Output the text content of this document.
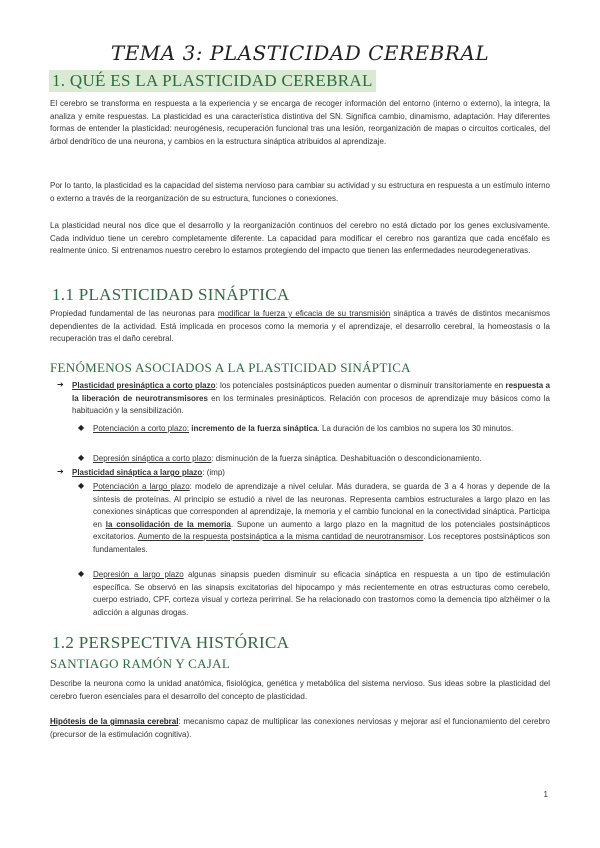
TEMA 3: PLASTICIDAD CEREBRAL
1. QUÉ ES LA PLASTICIDAD CEREBRAL
El cerebro se transforma en respuesta a la experiencia y se encarga de recoger información del entorno (interno o externo), la integra, la analiza y emite respuestas. La plasticidad es una característica distintiva del SN. Significa cambio, dinamismo, adaptación. Hay diferentes formas de entender la plasticidad: neurogénesis, recuperación funcional tras una lesión, reorganización de mapas o circuitos corticales, del árbol dendrítico de una neurona, y cambios en la estructura sináptica atribuidos al aprendizaje.
Por lo tanto, la plasticidad es la capacidad del sistema nervioso para cambiar su actividad y su estructura en respuesta a un estímulo interno o externo a través de la reorganización de su estructura, funciones o conexiones.
La plasticidad neural nos dice que el desarrollo y la reorganización continuos del cerebro no está dictado por los genes exclusivamente. Cada individuo tiene un cerebro completamente diferente. La capacidad para modificar el cerebro nos garantiza que cada encéfalo es realmente único. Si entrenamos nuestro cerebro lo estamos protegiendo del impacto que tienen las enfermedades neurodegenerativas.
1.1 PLASTICIDAD SINÁPTICA
Propiedad fundamental de las neuronas para modificar la fuerza y eficacia de su transmisión sináptica a través de distintos mecanismos dependientes de la actividad. Está implicada en procesos como la memoria y el aprendizaje, el desarrollo cerebral, la homeostasis o la recuperación tras el daño cerebral.
FENÓMENOS ASOCIADOS A LA PLASTICIDAD SINÁPTICA
➔ Plasticidad presináptica a corto plazo: los potenciales postsinápticos pueden aumentar o disminuir transitoriamente en respuesta a la liberación de neurotransmisores en los terminales presinápticos. Relación con procesos de aprendizaje muy básicos como la habituación y la sensibilización.
◆ Potenciación a corto plazo: incremento de la fuerza sináptica. La duración de los cambios no supera los 30 minutos.
◆ Depresión sináptica a corto plazo: disminución de la fuerza sináptica. Deshabituación o descondicionamiento.
➔ Plasticidad sináptica a largo plazo: (imp)
◆ Potenciación a largo plazo: modelo de aprendizaje a nivel celular. Más duradera, se guarda de 3 a 4 horas y depende de la síntesis de proteínas. Al principio se estudió a nivel de las neuronas. Representa cambios estructurales a largo plazo en las conexiones sinápticas que corresponden al aprendizaje, la memoria y el cambio funcional en la conectividad sináptica. Participa en la consolidación de la memoria. Supone un aumento a largo plazo en la magnitud de los potenciales postsinápticos excitatorios. Aumento de la respuesta postsináptica a la misma cantidad de neurotransmisor. Los receptores postsinápticos son fundamentales.
◆ Depresión a largo plazo algunas sinapsis pueden disminuir su eficacia sináptica en respuesta a un tipo de estimulación específica. Se observó en las sinapsis excitatorias del hipocampo y más recientemente en otras estructuras como cerebelo, cuerpo estriado, CPF, corteza visual y corteza perirrinal. Se ha relacionado con trastornos como la demencia tipo alzhéimer o la adicción a algunas drogas.
1.2 PERSPECTIVA HISTÓRICA
SANTIAGO RAMÓN Y CAJAL
Describe la neurona como la unidad anatómica, fisiológica, genética y metabólica del sistema nervioso. Sus ideas sobre la plasticidad del cerebro fueron esenciales para el desarrollo del concepto de plasticidad.
Hipótesis de la gimnasia cerebral: mecanismo capaz de multiplicar las conexiones nerviosas y mejorar así el funcionamiento del cerebro (precursor de la estimulación cognitiva).
1
